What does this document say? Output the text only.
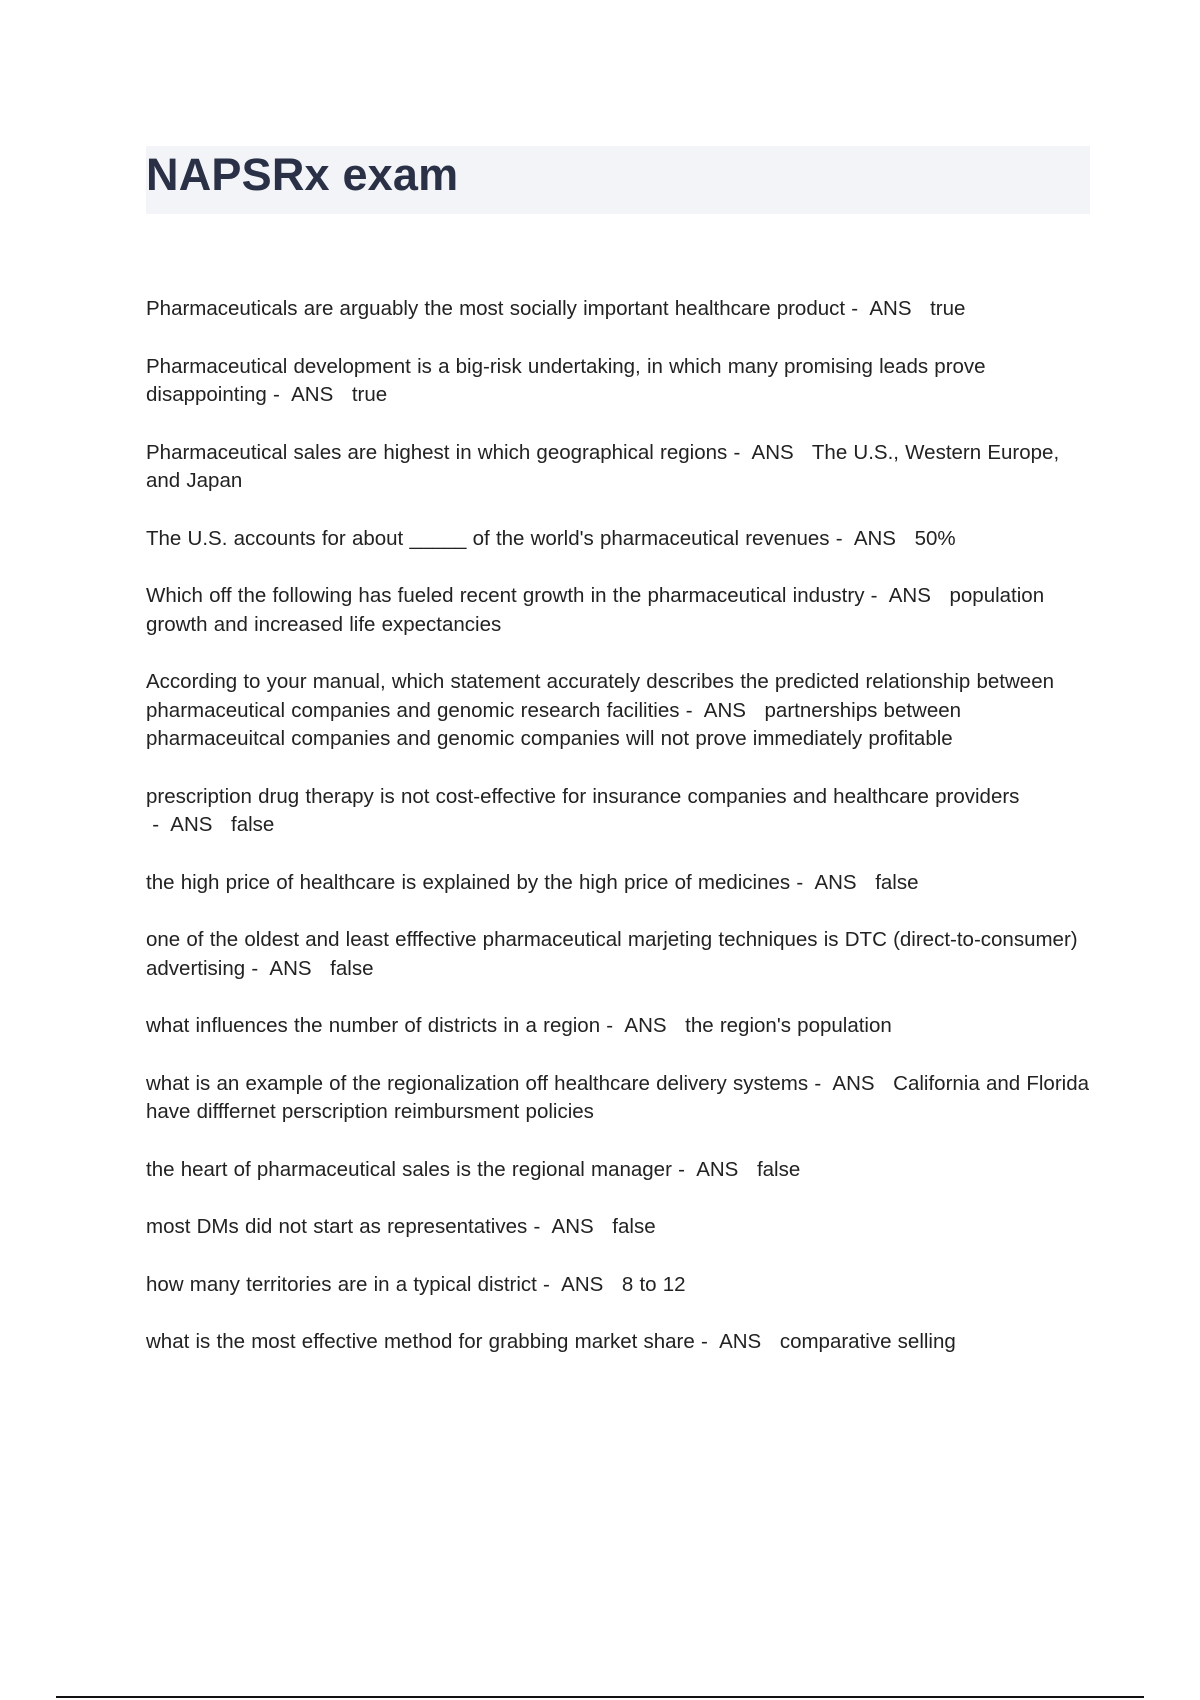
NAPSRx exam
Pharmaceuticals are arguably the most socially important healthcare product -  ANS   true
Pharmaceutical development is a big-risk undertaking, in which many promising leads prove disappointing -  ANS   true
Pharmaceutical sales are highest in which geographical regions -  ANS   The U.S., Western Europe, and Japan
The U.S. accounts for about _____ of the world's pharmaceutical revenues -  ANS   50%
Which off the following has fueled recent growth in the pharmaceutical industry -  ANS   population growth and increased life expectancies
According to your manual, which statement accurately describes the predicted relationship between pharmaceutical companies and genomic research facilities -  ANS   partnerships between pharmaceuitcal companies and genomic companies will not prove immediately profitable
prescription drug therapy is not cost-effective for insurance companies and healthcare providers -  ANS   false
the high price of healthcare is explained by the high price of medicines -  ANS   false
one of the oldest and least efffective pharmaceutical marjeting techniques is DTC (direct-to-consumer) advertising -  ANS   false
what influences the number of districts in a region -  ANS   the region's population
what is an example of the regionalization off healthcare delivery systems -  ANS   California and Florida have difffernet perscription reimbursment policies
the heart of pharmaceutical sales is the regional manager -  ANS   false
most DMs did not start as representatives -  ANS   false
how many territories are in a typical district -  ANS   8 to 12
what is the most effective method for grabbing market share -  ANS   comparative selling
